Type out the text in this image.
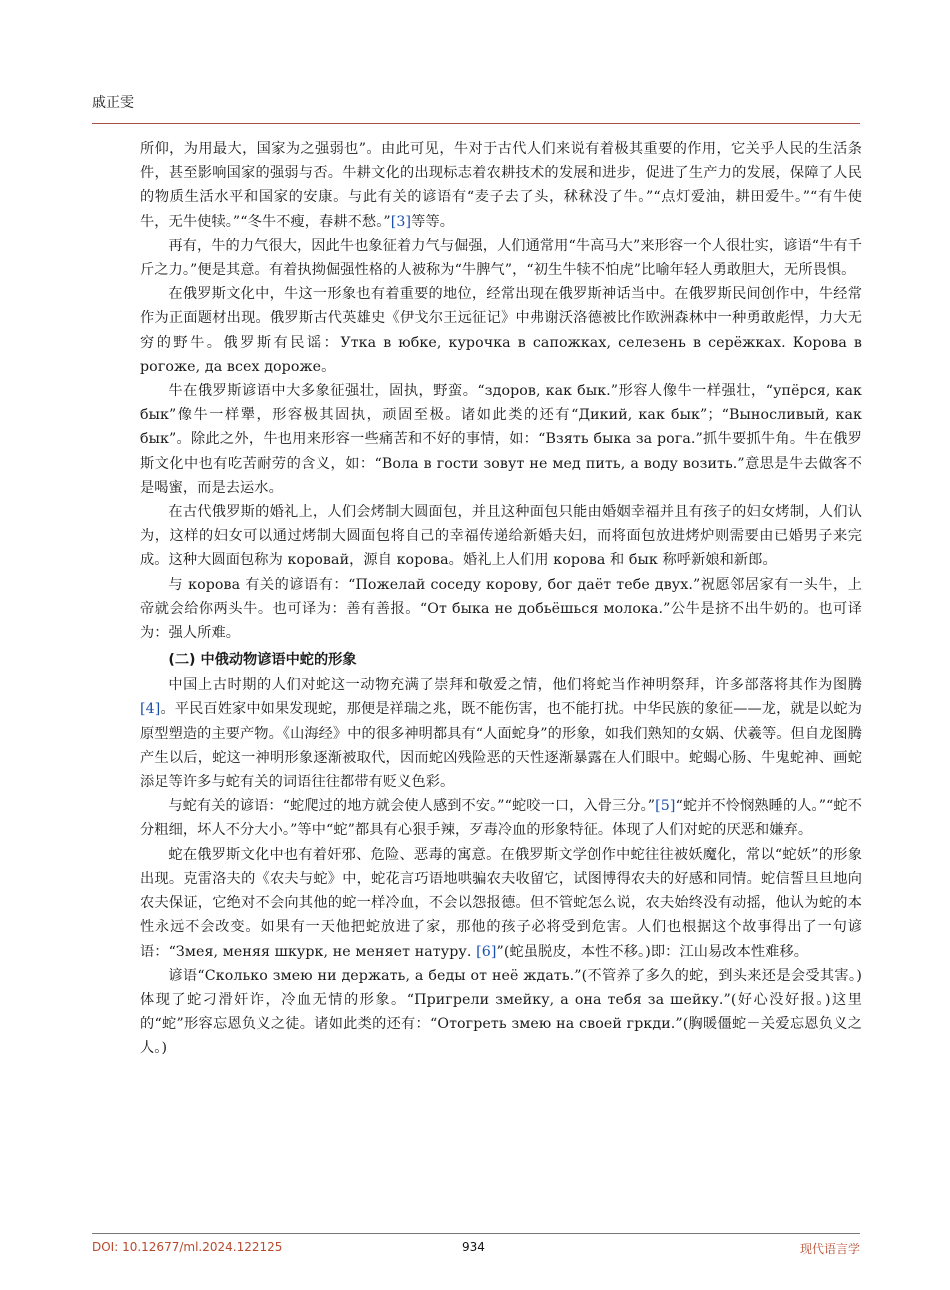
戚正雯

所仰，为用最大，国家为之强弱也”。由此可见，牛对于古代人们来说有着极其重要的作用，它关乎人民的生活条件，甚至影响国家的强弱与否。牛耕文化的出现标志着农耕技术的发展和进步，促进了生产力的发展，保障了人民的物质生活水平和国家的安康。与此有关的谚语有“麦子去了头，秫秫没了牛。”“点灯爱油，耕田爱牛。”“有牛使牛，无牛使犊。”“冬牛不瘦，春耕不愁。”[3]等等。

再有，牛的力气很大，因此牛也象征着力气与倔强，人们通常用“牛高马大”来形容一个人很壮实，谚语“牛有千斤之力。”便是其意。有着执拗倔强性格的人被称为“牛脾气”，“初生牛犊不怕虎”比喻年轻人勇敢胆大，无所畏惧。

在俄罗斯文化中，牛这一形象也有着重要的地位，经常出现在俄罗斯神话当中。在俄罗斯民间创作中，牛经常作为正面题材出现。俄罗斯古代英雄史《伊戈尔王远征记》中弗谢沃洛德被比作欧洲森林中一种勇敢彪悍，力大无穷的野牛。俄罗斯有民谣：Утка в юбке, курочка в сапожках, селезень в серёжках. Корова в рогоже, да всех дороже。

牛在俄罗斯谚语中大多象征强壮，固执，野蛮。“здоров, как бык.”形容人像牛一样强壮，“упёрся, как бык”像牛一样犟，形容极其固执，顽固至极。诸如此类的还有“Дикий, как бык”；“Выносливый, как бык”。除此之外，牛也用来形容一些痛苦和不好的事情，如：“Взять быка за рога.”抓牛要抓牛角。牛在俄罗斯文化中也有吃苦耐劳的含义，如：“Вола в гости зовут не мед пить, а воду возить.”意思是牛去做客不是喝蜜，而是去运水。

在古代俄罗斯的婚礼上，人们会烤制大圆面包，并且这种面包只能由婚姻幸福并且有孩子的妇女烤制，人们认为，这样的妇女可以通过烤制大圆面包将自己的幸福传递给新婚夫妇，而将面包放进烤炉则需要由已婚男子来完成。这种大圆面包称为 коровай，源自 корова。婚礼上人们用 корова 和 бык 称呼新娘和新郎。

与 корова 有关的谚语有：“Пожелай соседу корову, бог даёт тебе двух.”祝愿邻居家有一头牛，上帝就会给你两头牛。也可译为：善有善报。“От быка не добьёшься молока.”公牛是挤不出牛奶的。也可译为：强人所难。

(二) 中俄动物谚语中蛇的形象

中国上古时期的人们对蛇这一动物充满了崇拜和敬爱之情，他们将蛇当作神明祭拜，许多部落将其作为图腾[4]。平民百姓家中如果发现蛇，那便是祥瑞之兆，既不能伤害，也不能打扰。中华民族的象征——龙，就是以蛇为原型塑造的主要产物。《山海经》中的很多神明都具有“人面蛇身”的形象，如我们熟知的女娲、伏羲等。但自龙图腾产生以后，蛇这一神明形象逐渐被取代，因而蛇凶残险恶的天性逐渐暴露在人们眼中。蛇蝎心肠、牛鬼蛇神、画蛇添足等许多与蛇有关的词语往往都带有贬义色彩。

与蛇有关的谚语：“蛇爬过的地方就会使人感到不安。”“蛇咬一口，入骨三分。”[5]“蛇并不怜悯熟睡的人。”“蛇不分粗细，坏人不分大小。”等中“蛇”都具有心狠手辣，歹毒冷血的形象特征。体现了人们对蛇的厌恶和嫌弃。

蛇在俄罗斯文化中也有着奸邪、危险、恶毒的寓意。在俄罗斯文学创作中蛇往往被妖魔化，常以“蛇妖”的形象出现。克雷洛夫的《农夫与蛇》中，蛇花言巧语地哄骗农夫收留它，试图博得农夫的好感和同情。蛇信誓旦旦地向农夫保证，它绝对不会向其他的蛇一样冷血，不会以怨报德。但不管蛇怎么说，农夫始终没有动摇，他认为蛇的本性永远不会改变。如果有一天他把蛇放进了家，那他的孩子必将受到危害。人们也根据这个故事得出了一句谚语：“Змея, меняя шкурк, не меняет натуру. [6]”(蛇虽脱皮，本性不移。)即：江山易改本性难移。

谚语“Сколько змею ни держать, а беды от неё ждать.”(不管养了多久的蛇，到头来还是会受其害。)体现了蛇刁滑奸诈，冷血无情的形象。“Пригрели змейку, а она тебя за шейку.”(好心没好报。)这里的“蛇”形容忘恩负义之徒。诸如此类的还有：“Отогреть змею на своей гркди.”(胸暖僵蛇－关爱忘恩负义之人。)

DOI: 10.12677/ml.2024.122125	934	现代语言学
